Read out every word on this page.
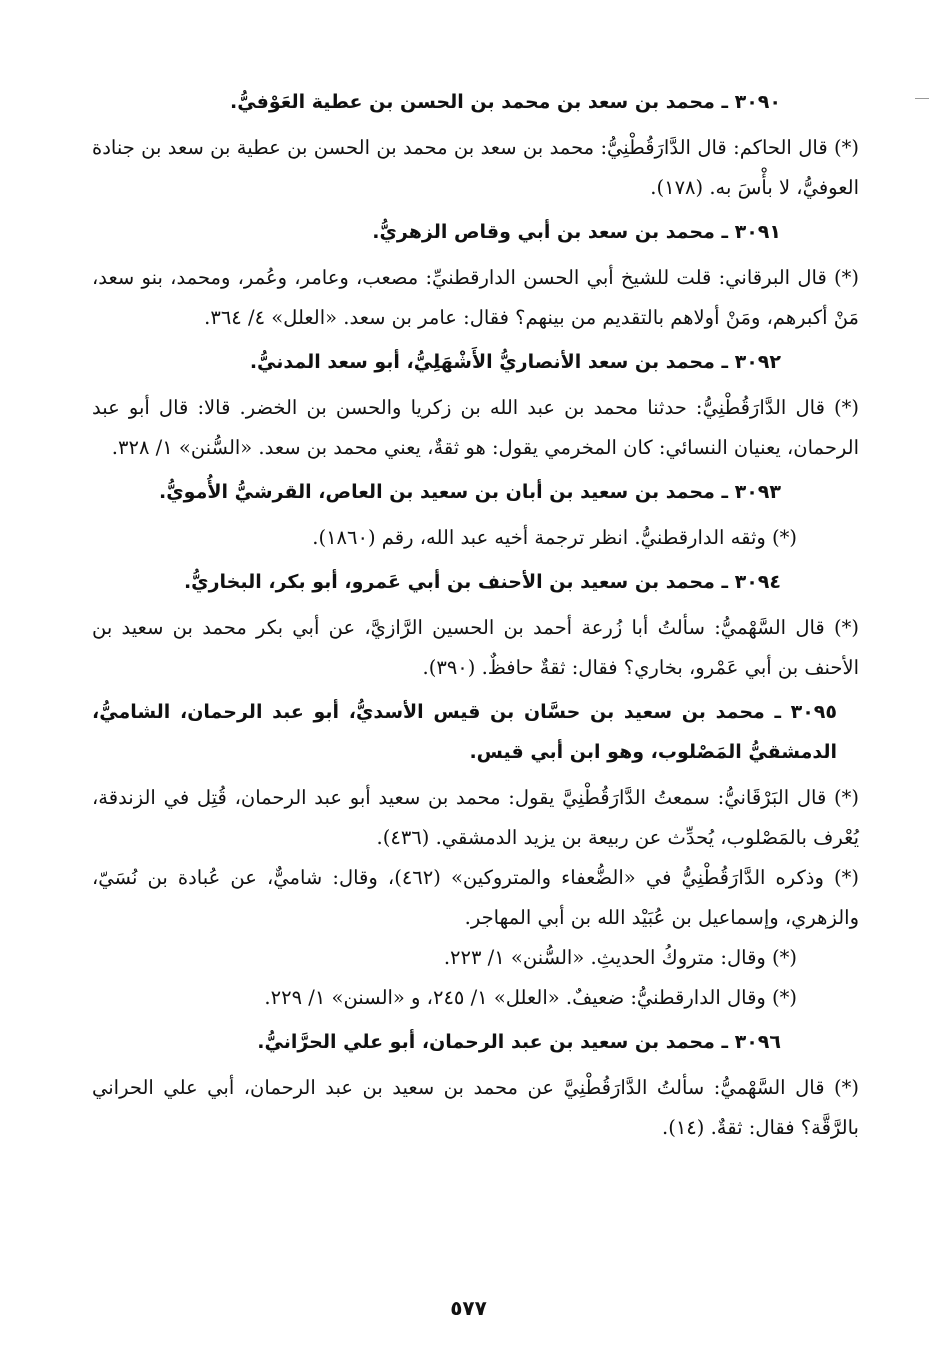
٣٠٩٠ ـ محمد بن سعد بن محمد بن الحسن بن عطية العَوْفيُّ.

(*) قال الحاكم: قال الدَّارَقُطْنِيُّ: محمد بن سعد بن محمد بن الحسن بن عطية بن سعد بن جنادة العوفيُّ، لا بأْسَ به. (١٧٨).

٣٠٩١ ـ محمد بن سعد بن أبي وقاص الزهريُّ.

(*) قال البرقاني: قلت للشيخ أبي الحسن الدارقطنيِّ: مصعب، وعامر، وعُمر، ومحمد، بنو سعد، مَنْ أكبرهم، ومَنْ أولاهم بالتقديم من بينهم؟ فقال: عامر بن سعد. «العلل» ٤/ ٣٦٤.

٣٠٩٢ ـ محمد بن سعد الأنصاريُّ الأَشْهَلِيُّ، أبو سعد المدنيُّ.

(*) قال الدَّارَقُطْنِيُّ: حدثنا محمد بن عبد الله بن زكريا والحسن بن الخضر. قالا: قال أبو عبد الرحمان، يعنيان النسائي: كان المخرمي يقول: هو ثقةٌ، يعني محمد بن سعد. «السُّنن» ١/ ٣٢٨.

٣٠٩٣ ـ محمد بن سعيد بن أبان بن سعيد بن العاص، القرشيُّ الأُمويُّ.

(*) وثقه الدارقطنيُّ. انظر ترجمة أخيه عبد الله، رقم (١٨٦٠).

٣٠٩٤ ـ محمد بن سعيد بن الأحنف بن أبي عَمرو، أبو بكر، البخاريُّ.

(*) قال السَّهْميُّ: سألتُ أبا زُرعة أحمد بن الحسين الرَّازيَّ، عن أبي بكر محمد بن سعيد بن الأحنف بن أبي عَمْرو، بخاري؟ فقال: ثقةٌ حافظٌ. (٣٩٠).

٣٠٩٥ ـ محمد بن سعيد بن حسَّان بن قيس الأسديُّ، أبو عبد الرحمان، الشاميُّ، الدمشقيُّ المَصْلوب، وهو ابن أبي قيس.

(*) قال البَرْقَانيُّ: سمعتُ الدَّارَقُطْنِيَّ يقول: محمد بن سعيد أبو عبد الرحمان، قُتِل في الزندقة، يُعْرف بالمَصْلوب، يُحدِّث عن ربيعة بن يزيد الدمشقي. (٤٣٦).

(*) وذكره الدَّارَقُطْنِيُّ في «الضُّعفاء والمتروكين» (٤٦٢)، وقال: شاميٌّ، عن عُبادة بن نُسَيّ، والزهري، وإسماعيل بن عُبَيْد الله بن أبي المهاجر.

(*) وقال: متروكُ الحديثِ. «السُّنن» ١/ ٢٢٣.

(*) وقال الدارقطنيُّ: ضعيفٌ. «العلل» ١/ ٢٤٥، و «السنن» ١/ ٢٢٩.

٣٠٩٦ ـ محمد بن سعيد بن عبد الرحمان، أبو علي الحرَّانيُّ.

(*) قال السَّهْميُّ: سألتُ الدَّارَقُطْنِيَّ عن محمد بن سعيد بن عبد الرحمان، أبي علي الحراني بالرَّقَّة؟ فقال: ثقةٌ. (١٤).

٥٧٧
